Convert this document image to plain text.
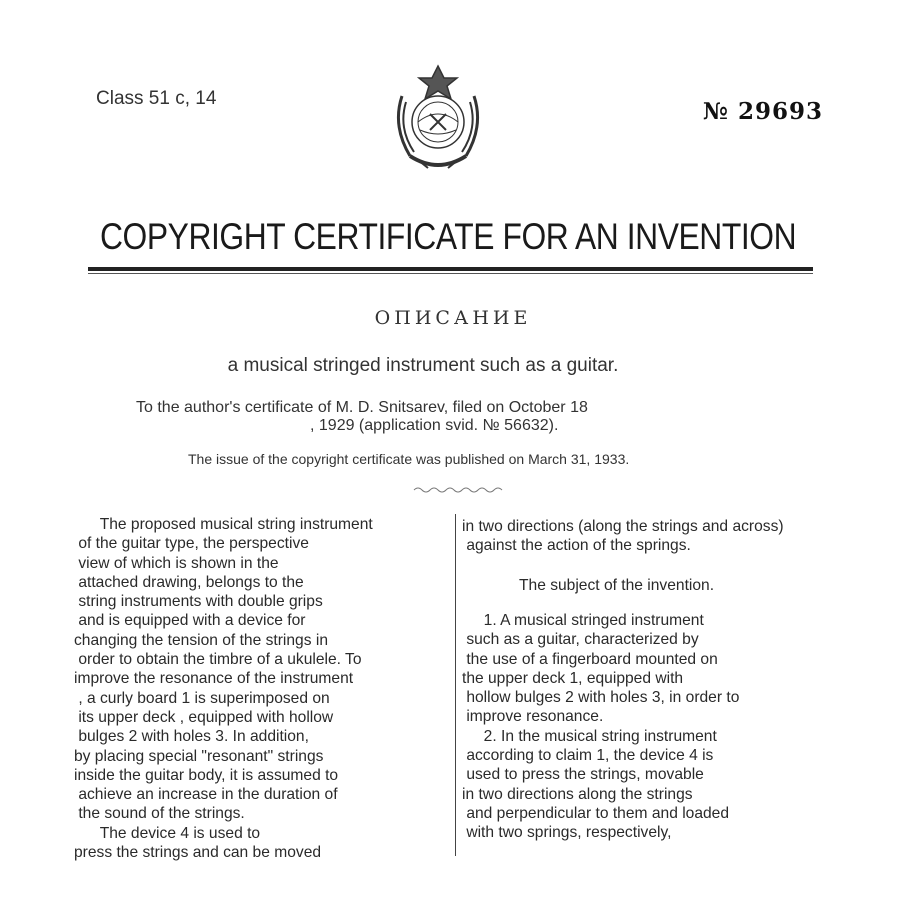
Class 51 с, 14	№ 29693
COPYRIGHT CERTIFICATE FOR AN INVENTION
ОПИСАНИЕ
a musical stringed instrument such as a guitar.
To the author's certificate of M. D. Snitsarev, filed on October 18
, 1929 (application svid. № 56632).
The issue of the copyright certificate was published on March 31, 1933.
The proposed musical string instrument
of the guitar type, the perspective
view of which is shown in the
attached drawing, belongs to the
string instruments with double grips
and is equipped with a device for
changing the tension of the strings in
order to obtain the timbre of a ukulele. To
improve the resonance of the instrument
, a curly board 1 is superimposed on
its upper deck , equipped with hollow
bulges 2 with holes 3. In addition,
by placing special "resonant" strings
inside the guitar body, it is assumed to
achieve an increase in the duration of
the sound of the strings.
The device 4 is used to
press the strings and can be moved
in two directions (along the strings and across)
against the action of the springs.
The subject of the invention.
1. A musical stringed instrument
such as a guitar, characterized by
the use of a fingerboard mounted on
the upper deck 1, equipped with
hollow bulges 2 with holes 3, in order to
improve resonance.
2. In the musical string instrument
according to claim 1, the device 4 is
used to press the strings, movable
in two directions along the strings
and perpendicular to them and loaded
with two springs, respectively,
